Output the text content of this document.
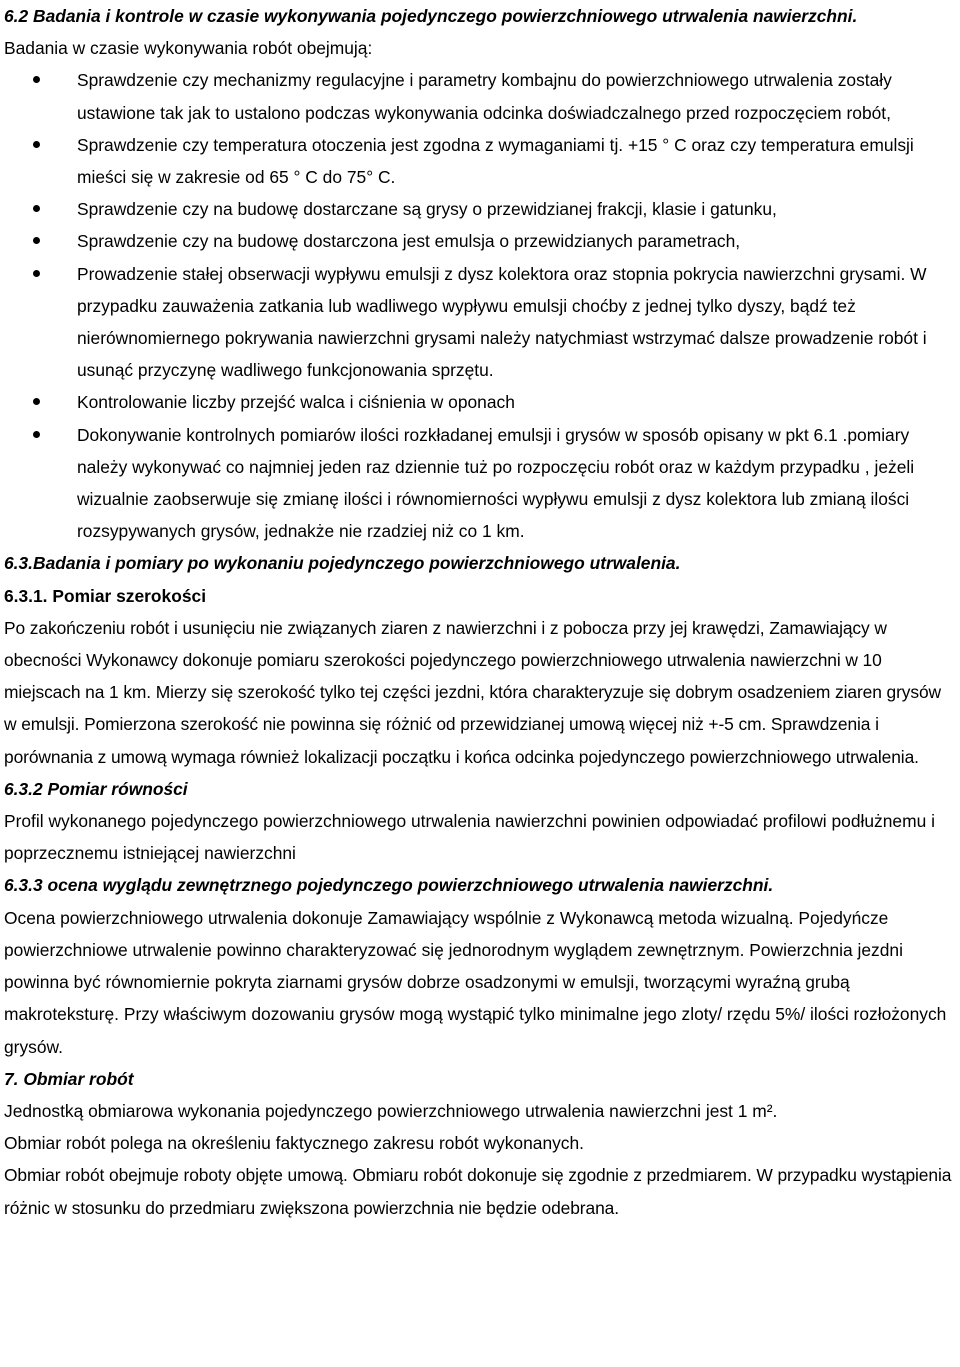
6.2 Badania i kontrole w czasie wykonywania pojedynczego powierzchniowego utrwalenia nawierzchni.

Badania w czasie wykonywania robót obejmują:

Sprawdzenie czy mechanizmy regulacyjne i parametry kombajnu do powierzchniowego utrwalenia zostały ustawione tak jak to ustalono podczas wykonywania odcinka doświadczalnego przed rozpoczęciem robót,
Sprawdzenie czy temperatura otoczenia jest zgodna z wymaganiami tj. +15 ° C oraz czy temperatura emulsji mieści się w zakresie od 65 ° C do 75° C.
Sprawdzenie czy na budowę dostarczane są grysy o przewidzianej frakcji, klasie i gatunku,
Sprawdzenie czy na budowę dostarczona jest emulsja o przewidzianych parametrach,
Prowadzenie stałej obserwacji wypływu emulsji z dysz kolektora oraz stopnia pokrycia nawierzchni grysami. W przypadku zauważenia zatkania lub wadliwego wypływu emulsji choćby z jednej tylko dyszy, bądź też nierównomiernego pokrywania nawierzchni grysami należy natychmiast wstrzymać dalsze prowadzenie robót i usunąć przyczynę wadliwego funkcjonowania sprzętu.
Kontrolowanie liczby przejść walca i ciśnienia w oponach
Dokonywanie kontrolnych pomiarów ilości rozkładanej emulsji i grysów w sposób opisany w pkt 6.1 .pomiary należy wykonywać co najmniej jeden raz dziennie tuż po rozpoczęciu robót oraz w każdym przypadku , jeżeli wizualnie zaobserwuje się zmianę ilości i równomierności wypływu emulsji z dysz kolektora lub zmianą ilości rozsypywanych grysów, jednakże nie rzadziej niż co 1 km.

6.3.Badania i pomiary po wykonaniu pojedynczego powierzchniowego utrwalenia.

6.3.1. Pomiar szerokości

Po zakończeniu robót i usunięciu nie związanych ziaren z nawierzchni i z pobocza przy jej krawędzi, Zamawiający w obecności Wykonawcy dokonuje pomiaru szerokości pojedynczego powierzchniowego utrwalenia nawierzchni w 10 miejscach na 1 km. Mierzy się szerokość tylko tej części jezdni, która charakteryzuje się dobrym osadzeniem ziaren grysów w emulsji. Pomierzona szerokość nie powinna się różnić od przewidzianej umową więcej niż +-5 cm. Sprawdzenia i porównania z umową wymaga również lokalizacji początku i końca odcinka pojedynczego powierzchniowego utrwalenia.

6.3.2 Pomiar równości

Profil wykonanego pojedynczego powierzchniowego utrwalenia nawierzchni powinien odpowiadać profilowi podłużnemu i poprzecznemu istniejącej nawierzchni

6.3.3 ocena wyglądu zewnętrznego pojedynczego powierzchniowego utrwalenia nawierzchni.

Ocena powierzchniowego utrwalenia dokonuje Zamawiający wspólnie z Wykonawcą metoda wizualną. Pojedyńcze powierzchniowe utrwalenie powinno charakteryzować się jednorodnym wyglądem zewnętrznym. Powierzchnia jezdni powinna być równomiernie pokryta ziarnami grysów dobrze osadzonymi w emulsji, tworzącymi wyraźną grubą makroteksturę. Przy właściwym dozowaniu grysów mogą wystąpić tylko minimalne jego zloty/ rzędu 5%/ ilości rozłożonych grysów.

7. Obmiar robót

Jednostką obmiarowa wykonania pojedynczego powierzchniowego utrwalenia nawierzchni jest 1 m².

Obmiar robót polega na określeniu faktycznego zakresu robót wykonanych.

Obmiar robót obejmuje roboty objęte umową. Obmiaru robót dokonuje się zgodnie z przedmiarem. W przypadku wystąpienia różnic w stosunku do przedmiaru zwiększona powierzchnia nie będzie odebrana.
